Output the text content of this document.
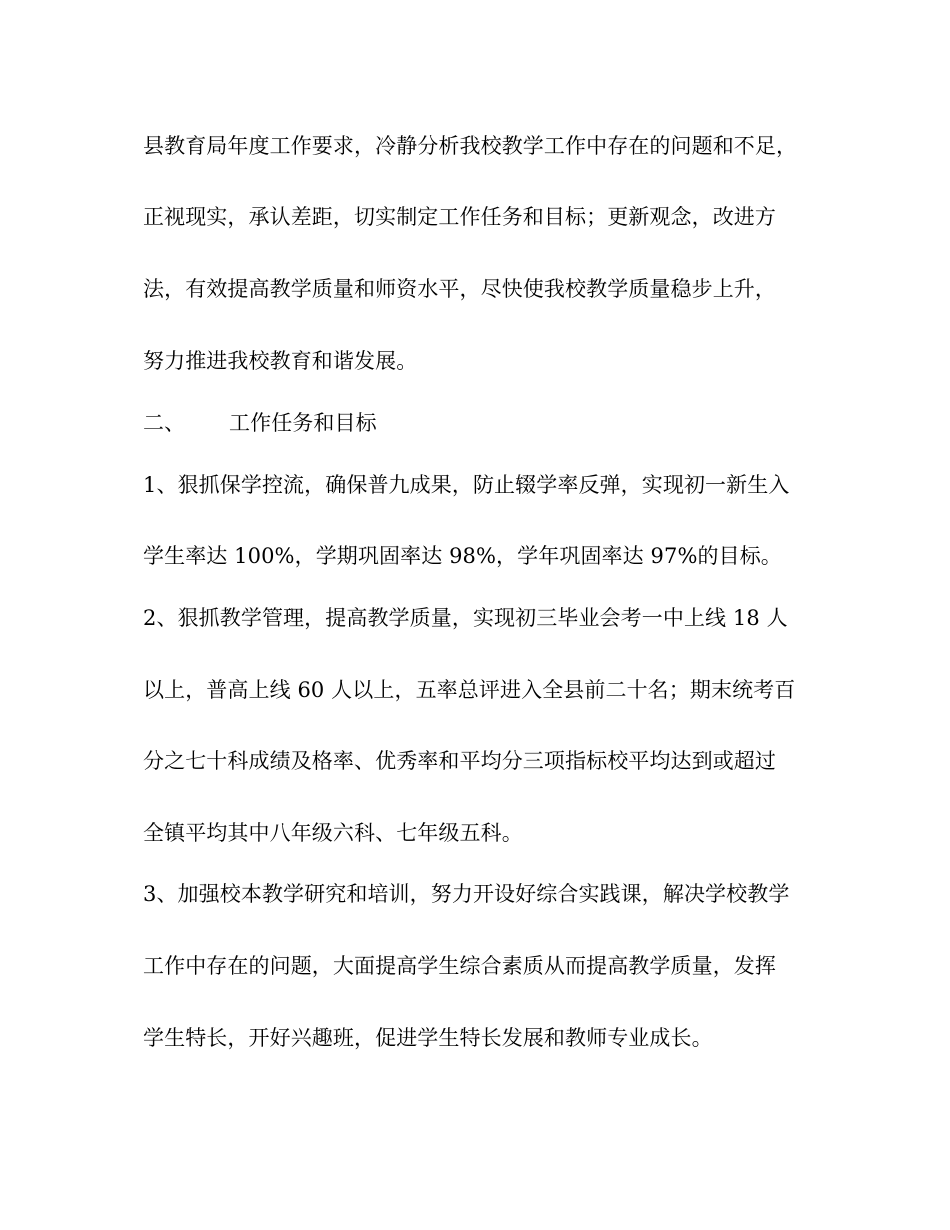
县教育局年度工作要求，冷静分析我校教学工作中存在的问题和不足，
正视现实，承认差距，切实制定工作任务和目标；更新观念，改进方
法，有效提高教学质量和师资水平，尽快使我校教学质量稳步上升，
努力推进我校教育和谐发展。
二、 工作任务和目标
1、狠抓保学控流，确保普九成果，防止辍学率反弹，实现初一新生入
学生率达 100%，学期巩固率达 98%，学年巩固率达 97%的目标。
2、狠抓教学管理，提高教学质量，实现初三毕业会考一中上线 18 人
以上，普高上线 60 人以上，五率总评进入全县前二十名；期末统考百
分之七十科成绩及格率、优秀率和平均分三项指标校平均达到或超过
全镇平均其中八年级六科、七年级五科。
3、加强校本教学研究和培训，努力开设好综合实践课，解决学校教学
工作中存在的问题，大面提高学生综合素质从而提高教学质量，发挥
学生特长，开好兴趣班，促进学生特长发展和教师专业成长。
